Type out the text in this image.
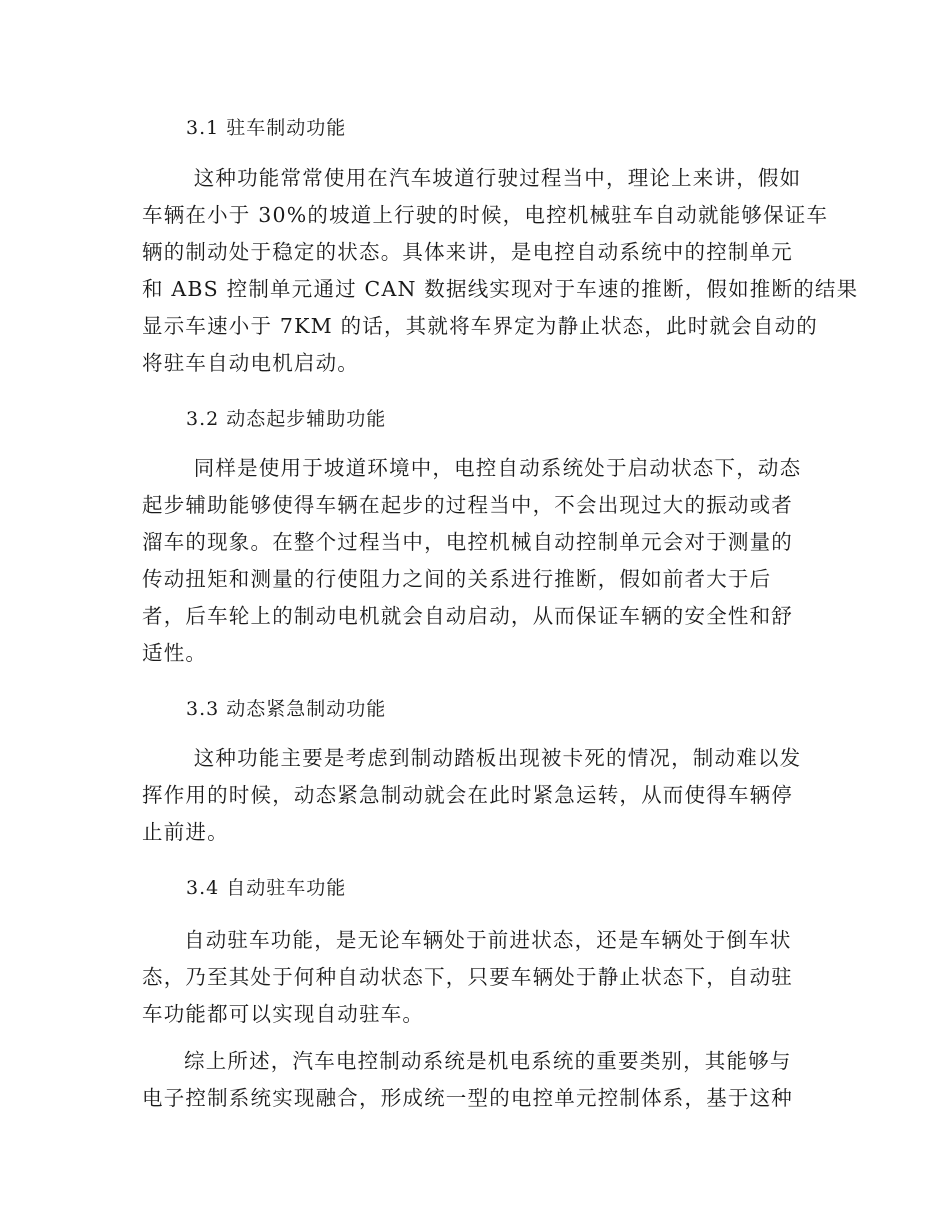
3.1 驻车制动功能
　这种功能常常使用在汽车坡道行驶过程当中，理论上来讲，假如
车辆在小于 30%的坡道上行驶的时候，电控机械驻车自动就能够保证车
辆的制动处于稳定的状态。具体来讲，是电控自动系统中的控制单元
和 ABS 控制单元通过 CAN 数据线实现对于车速的推断，假如推断的结果
显示车速小于 7KM 的话，其就将车界定为静止状态，此时就会自动的
将驻车自动电机启动。
3.2 动态起步辅助功能
　同样是使用于坡道环境中，电控自动系统处于启动状态下，动态
起步辅助能够使得车辆在起步的过程当中，不会出现过大的振动或者
溜车的现象。在整个过程当中，电控机械自动控制单元会对于测量的
传动扭矩和测量的行使阻力之间的关系进行推断，假如前者大于后
者，后车轮上的制动电机就会自动启动，从而保证车辆的安全性和舒
适性。
3.3 动态紧急制动功能
　这种功能主要是考虑到制动踏板出现被卡死的情况，制动难以发
挥作用的时候，动态紧急制动就会在此时紧急运转，从而使得车辆停
止前进。
3.4 自动驻车功能
自动驻车功能，是无论车辆处于前进状态，还是车辆处于倒车状
态，乃至其处于何种自动状态下，只要车辆处于静止状态下，自动驻
车功能都可以实现自动驻车。
综上所述，汽车电控制动系统是机电系统的重要类别，其能够与
电子控制系统实现融合，形成统一型的电控单元控制体系，基于这种
